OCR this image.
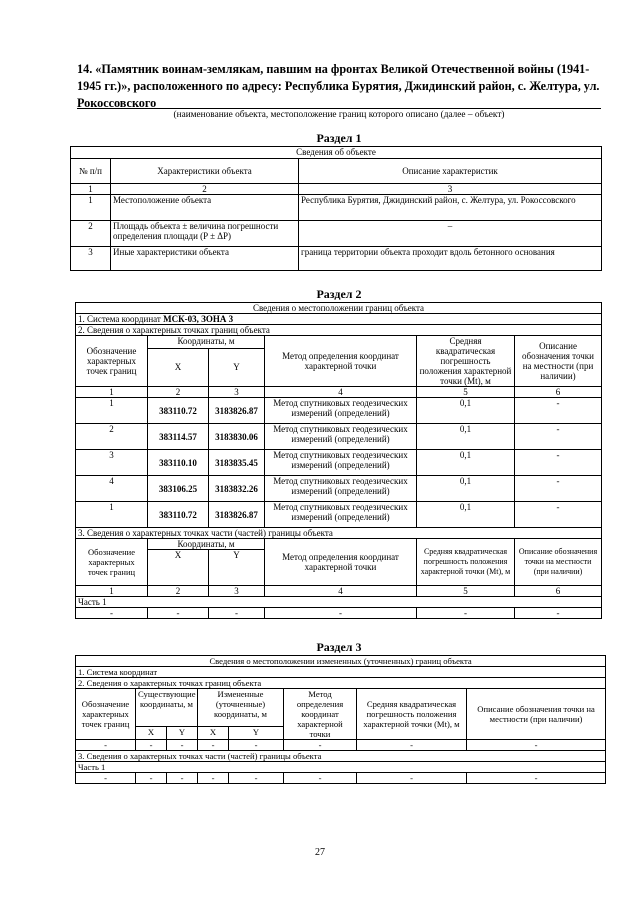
14. «Памятник воинам-землякам, павшим на фронтах Великой Отечественной войны (1941-1945 гг.)», расположенного по адресу: Республика Бурятия, Джидинский район, с. Желтура, ул. Рокоссовского
(наименование объекта, местоположение границ которого описано (далее – объект)
Раздел 1
Сведения об объекте		
№ п/п	Характеристики объекта	Описание характеристик
1	2	3
1	Местоположение объекта	Республика Бурятия, Джидинский район, с. Желтура, ул. Рокоссовского
2	Площадь объекта ± величина погрешности определения площади (P ± ΔP)	–
3	Иные характеристики объекта	граница территории объекта проходит вдоль бетонного основания
Раздел 2
Сведения о местоположении границ объекта					
1. Система координат МСК-03, ЗОНА 3					
2. Сведения о характерных точках границ объекта					
Обозначение характерных точек границ	Координаты, м		Метод определения координат характерной точки	Средняя квадратическая погрешность положения характерной точки (Mt), м	Описание обозначения точки на местности (при наличии)
	X	Y			
1	2	3	4	5	6
1	383110.72	3183826.87	Метод спутниковых геодезических измерений (определений)	0,1	-
2	383114.57	3183830.06	Метод спутниковых геодезических измерений (определений)	0,1	-
3	383110.10	3183835.45	Метод спутниковых геодезических измерений (определений)	0,1	-
4	383106.25	3183832.26	Метод спутниковых геодезических измерений (определений)	0,1	-
1	383110.72	3183826.87	Метод спутниковых геодезических измерений (определений)	0,1	-
3. Сведения о характерных точках части (частей) границы объекта					
Обозначение характерных точек границ	Координаты, м		Метод определения координат характерной точки	Средняя квадратическая погрешность положения характерной точки (Mt), м	Описание обозначения точки на местности (при наличии)
	X	Y			
1	2	3	4	5	6
Часть 1					
-	-	-	-	-	-
Раздел 3
Сведения о местоположении измененных (уточненных) границ объекта							
1. Система координат							
2. Сведения о характерных точках границ объекта							
Обозначение характерных точек границ	Существующие координаты, м		Измененные (уточненные) координаты, м		Метод определения координат характерной точки	Средняя квадратическая погрешность положения характерной точки (Mt), м	Описание обозначения точки на местности (при наличии)
	X	Y	X	Y			
-	-	-	-	-	-	-	-
3. Сведения о характерных точках части (частей) границы объекта							
Часть 1							
-	-	-	-	-	-	-	-
27
